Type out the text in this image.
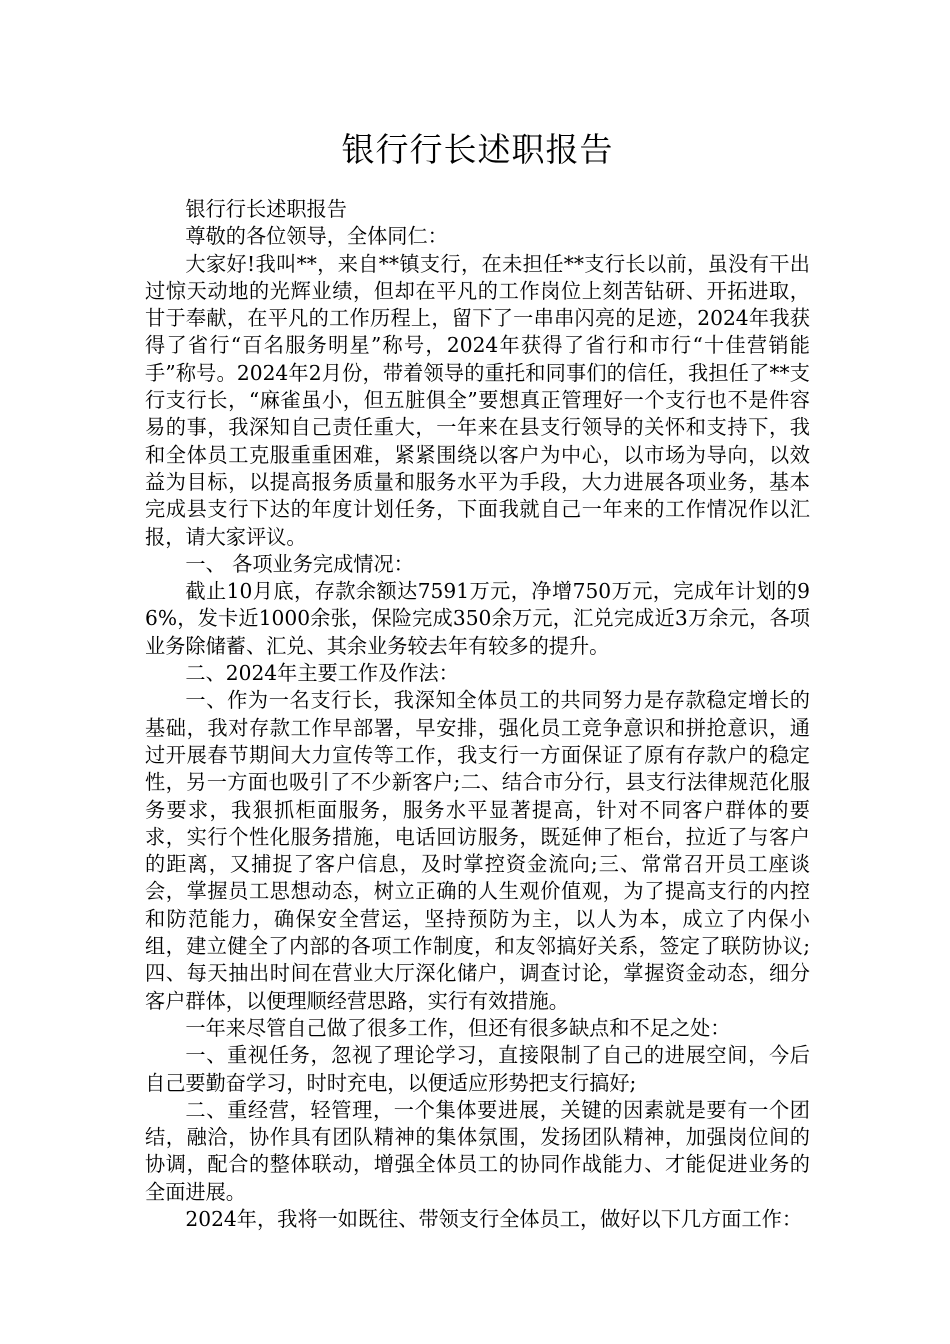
银行行长述职报告

银行行长述职报告

尊敬的各位领导，全体同仁：

大家好!我叫**，来自**镇支行，在未担任**支行长以前，虽没有干出过惊天动地的光辉业绩，但却在平凡的工作岗位上刻苦钻研、开拓进取，甘于奉献，在平凡的工作历程上，留下了一串串闪亮的足迹，2024年我获得了省行“百名服务明星”称号，2024年获得了省行和市行“十佳营销能手”称号。2024年2月份，带着领导的重托和同事们的信任，我担任了**支行支行长，“麻雀虽小，但五脏俱全”要想真正管理好一个支行也不是件容易的事，我深知自己责任重大，一年来在县支行领导的关怀和支持下，我和全体员工克服重重困难，紧紧围绕以客户为中心，以市场为导向，以效益为目标，以提高报务质量和服务水平为手段，大力进展各项业务，基本完成县支行下达的年度计划任务，下面我就自己一年来的工作情况作以汇报，请大家评议。

一、 各项业务完成情况：

截止10月底，存款余额达7591万元，净增750万元，完成年计划的96%，发卡近1000余张，保险完成350余万元，汇兑完成近3万余元，各项业务除储蓄、汇兑、其余业务较去年有较多的提升。

二、2024年主要工作及作法：

一、作为一名支行长，我深知全体员工的共同努力是存款稳定增长的基础，我对存款工作早部署，早安排，强化员工竞争意识和拼抢意识，通过开展春节期间大力宣传等工作，我支行一方面保证了原有存款户的稳定性，另一方面也吸引了不少新客户;二、结合市分行，县支行法律规范化服务要求，我狠抓柜面服务，服务水平显著提高，针对不同客户群体的要求，实行个性化服务措施，电话回访服务，既延伸了柜台，拉近了与客户的距离，又捕捉了客户信息，及时掌控资金流向;三、常常召开员工座谈会，掌握员工思想动态，树立正确的人生观价值观，为了提高支行的内控和防范能力，确保安全营运，坚持预防为主，以人为本，成立了内保小组，建立健全了内部的各项工作制度，和友邻搞好关系，签定了联防协议;四、每天抽出时间在营业大厅深化储户，调查讨论，掌握资金动态，细分客户群体，以便理顺经营思路，实行有效措施。

一年来尽管自己做了很多工作，但还有很多缺点和不足之处：

一、重视任务，忽视了理论学习，直接限制了自己的进展空间，今后自己要勤奋学习，时时充电，以便适应形势把支行搞好;

二、重经营，轻管理，一个集体要进展，关键的因素就是要有一个团结，融洽，协作具有团队精神的集体氛围，发扬团队精神，加强岗位间的协调，配合的整体联动，增强全体员工的协同作战能力、才能促进业务的全面进展。

2024年，我将一如既往、带领支行全体员工，做好以下几方面工作：
